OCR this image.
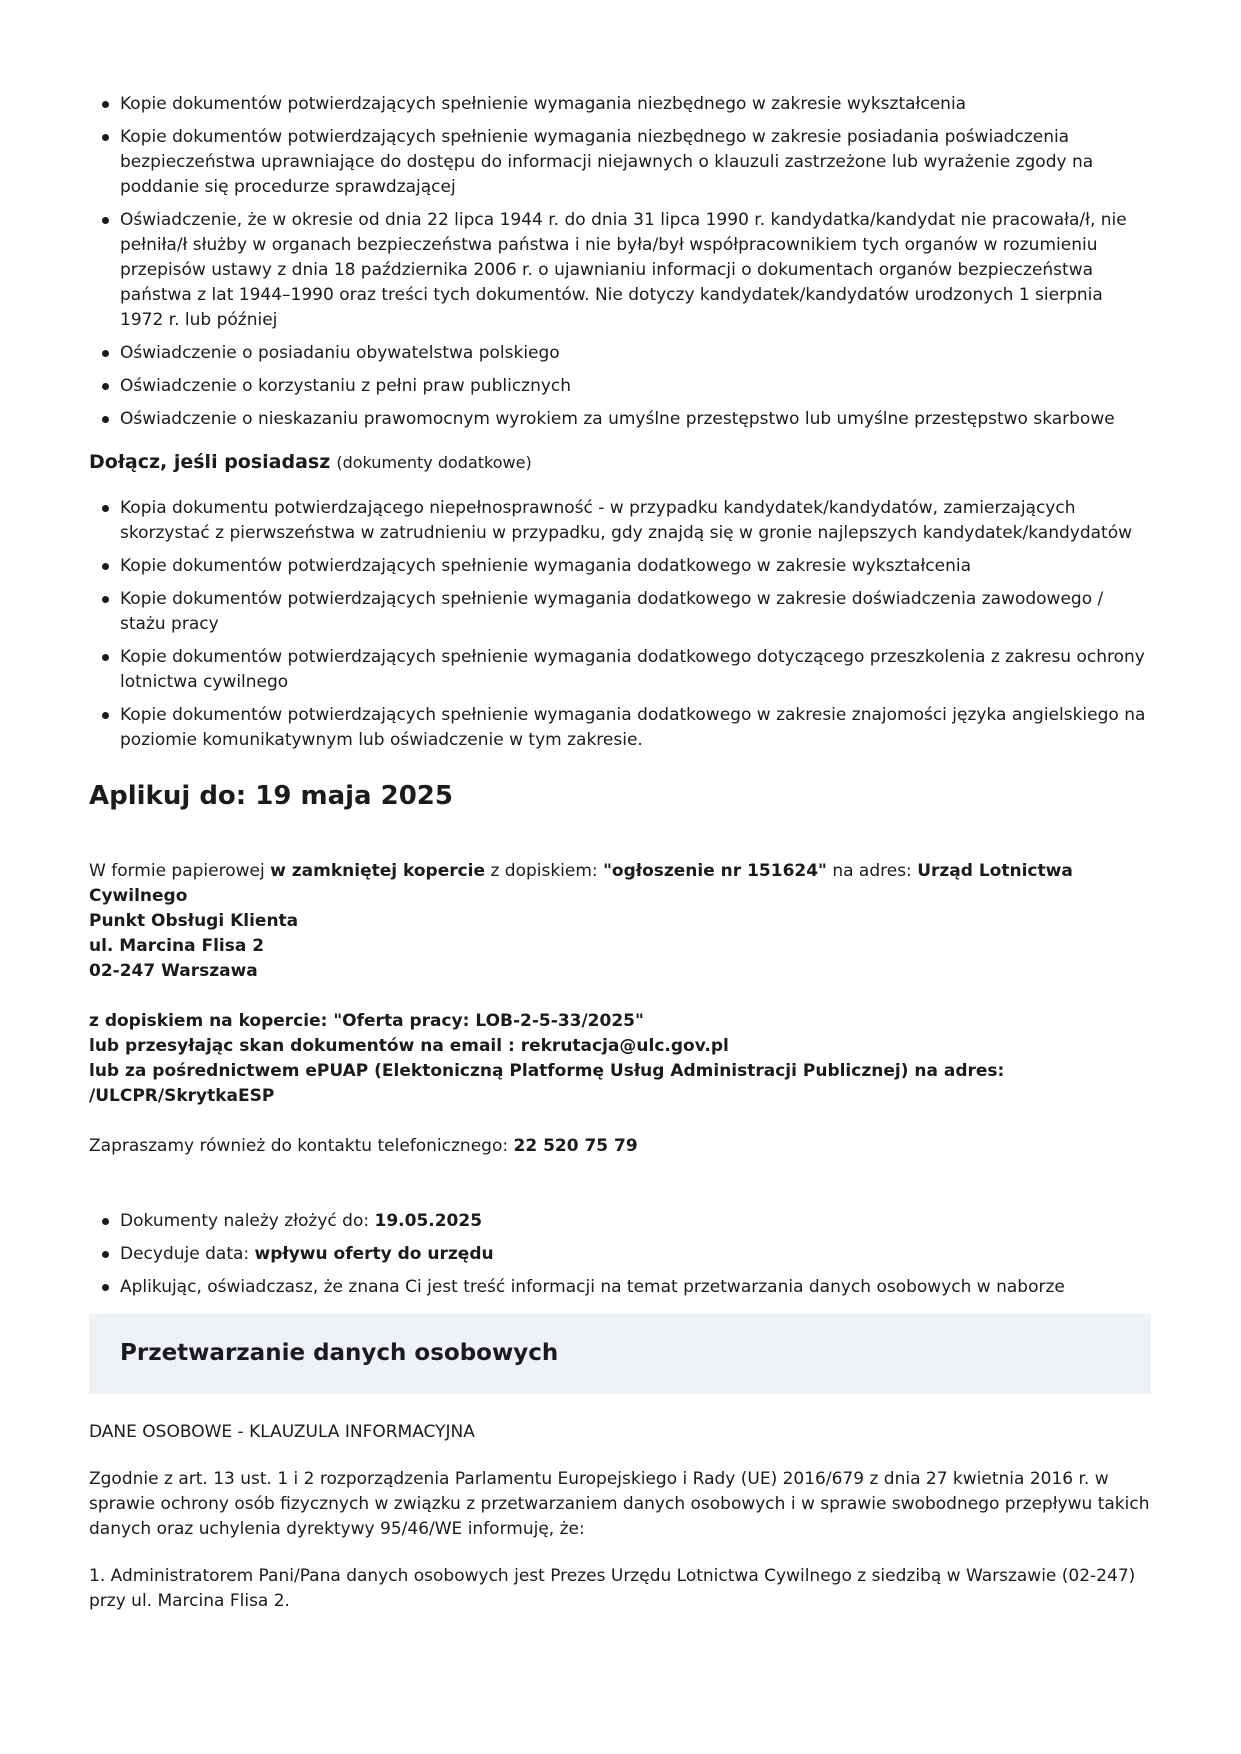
Kopie dokumentów potwierdzających spełnienie wymagania niezbędnego w zakresie wykształcenia
Kopie dokumentów potwierdzających spełnienie wymagania niezbędnego w zakresie posiadania poświadczenia bezpieczeństwa uprawniające do dostępu do informacji niejawnych o klauzuli zastrzeżone lub wyrażenie zgody na poddanie się procedurze sprawdzającej
Oświadczenie, że w okresie od dnia 22 lipca 1944 r. do dnia 31 lipca 1990 r. kandydatka/kandydat nie pracowała/ł, nie pełniła/ł służby w organach bezpieczeństwa państwa i nie była/był współpracownikiem tych organów w rozumieniu przepisów ustawy z dnia 18 października 2006 r. o ujawnianiu informacji o dokumentach organów bezpieczeństwa państwa z lat 1944–1990 oraz treści tych dokumentów. Nie dotyczy kandydatek/kandydatów urodzonych 1 sierpnia 1972 r. lub później
Oświadczenie o posiadaniu obywatelstwa polskiego
Oświadczenie o korzystaniu z pełni praw publicznych
Oświadczenie o nieskazaniu prawomocnym wyrokiem za umyślne przestępstwo lub umyślne przestępstwo skarbowe
Dołącz, jeśli posiadasz (dokumenty dodatkowe)
Kopia dokumentu potwierdzającego niepełnosprawność - w przypadku kandydatek/kandydatów, zamierzających skorzystać z pierwszeństwa w zatrudnieniu w przypadku, gdy znajdą się w gronie najlepszych kandydatek/kandydatów
Kopie dokumentów potwierdzających spełnienie wymagania dodatkowego w zakresie wykształcenia
Kopie dokumentów potwierdzających spełnienie wymagania dodatkowego w zakresie doświadczenia zawodowego / stażu pracy
Kopie dokumentów potwierdzających spełnienie wymagania dodatkowego dotyczącego przeszkolenia z zakresu ochrony lotnictwa cywilnego
Kopie dokumentów potwierdzających spełnienie wymagania dodatkowego w zakresie znajomości języka angielskiego na poziomie komunikatywnym lub oświadczenie w tym zakresie.
Aplikuj do: 19 maja 2025

W formie papierowej w zamkniętej kopercie z dopiskiem: "ogłoszenie nr 151624" na adres: Urząd Lotnictwa Cywilnego

Punkt Obsługi Klienta

ul. Marcina Flisa 2

02-247 Warszawa

z dopiskiem na kopercie: "Oferta pracy: LOB-2-5-33/2025"

lub przesyłając skan dokumentów na email : rekrutacja@ulc.gov.pl

lub za pośrednictwem ePUAP (Elektoniczną Platformę Usług Administracji Publicznej) na adres: /ULCPR/SkrytkaESP

Zapraszamy również do kontaktu telefonicznego: 22 520 75 79

Dokumenty należy złożyć do: 19.05.2025
Decyduje data: wpływu oferty do urzędu
Aplikując, oświadczasz, że znana Ci jest treść informacji na temat przetwarzania danych osobowych w naborze
Przetwarzanie danych osobowych

DANE OSOBOWE - KLAUZULA INFORMACYJNA

Zgodnie z art. 13 ust. 1 i 2 rozporządzenia Parlamentu Europejskiego i Rady (UE) 2016/679 z dnia 27 kwietnia 2016 r. w sprawie ochrony osób fizycznych w związku z przetwarzaniem danych osobowych i w sprawie swobodnego przepływu takich danych oraz uchylenia dyrektywy 95/46/WE informuję, że:

1. Administratorem Pani/Pana danych osobowych jest Prezes Urzędu Lotnictwa Cywilnego z siedzibą w Warszawie (02-247) przy ul. Marcina Flisa 2.
